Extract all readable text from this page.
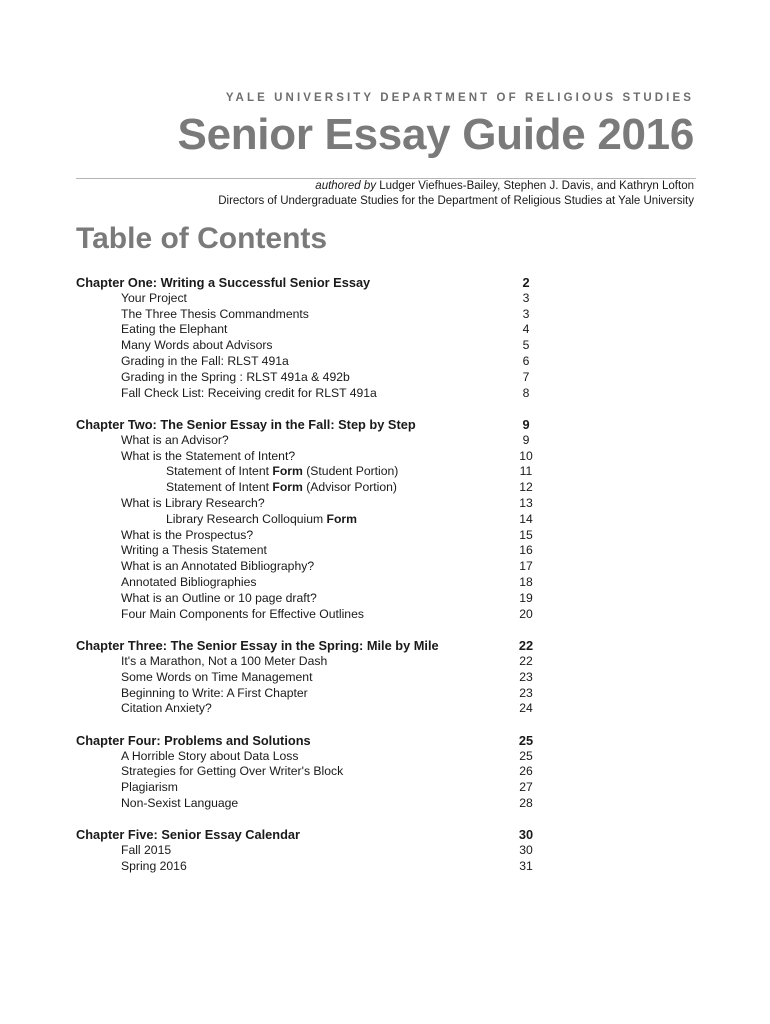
YALE UNIVERSITY DEPARTMENT OF RELIGIOUS STUDIES
Senior Essay Guide 2016
authored by Ludger Viefhues-Bailey, Stephen J. Davis, and Kathryn Lofton
Directors of Undergraduate Studies for the Department of Religious Studies at Yale University
Table of Contents
Chapter One: Writing a Successful Senior Essay	2
Your Project	3
The Three Thesis Commandments	3
Eating the Elephant	4
Many Words about Advisors	5
Grading in the Fall: RLST 491a	6
Grading in the Spring : RLST 491a & 492b	7
Fall Check List: Receiving credit for RLST 491a	8
Chapter Two: The Senior Essay in the Fall: Step by Step	9
What is an Advisor?	9
What is the Statement of Intent?	10
Statement of Intent Form (Student Portion)	11
Statement of Intent Form (Advisor Portion)	12
What is Library Research?	13
Library Research Colloquium Form	14
What is the Prospectus?	15
Writing a Thesis Statement	16
What is an Annotated Bibliography?	17
Annotated Bibliographies	18
What is an Outline or 10 page draft?	19
Four Main Components for Effective Outlines	20
Chapter Three: The Senior Essay in the Spring: Mile by Mile	22
It's a Marathon, Not a 100 Meter Dash	22
Some Words on Time Management	23
Beginning to Write: A First Chapter	23
Citation Anxiety?	24
Chapter Four: Problems and Solutions	25
A Horrible Story about Data Loss	25
Strategies for Getting Over Writer's Block	26
Plagiarism	27
Non-Sexist Language	28
Chapter Five: Senior Essay Calendar	30
Fall 2015	30
Spring 2016	31
